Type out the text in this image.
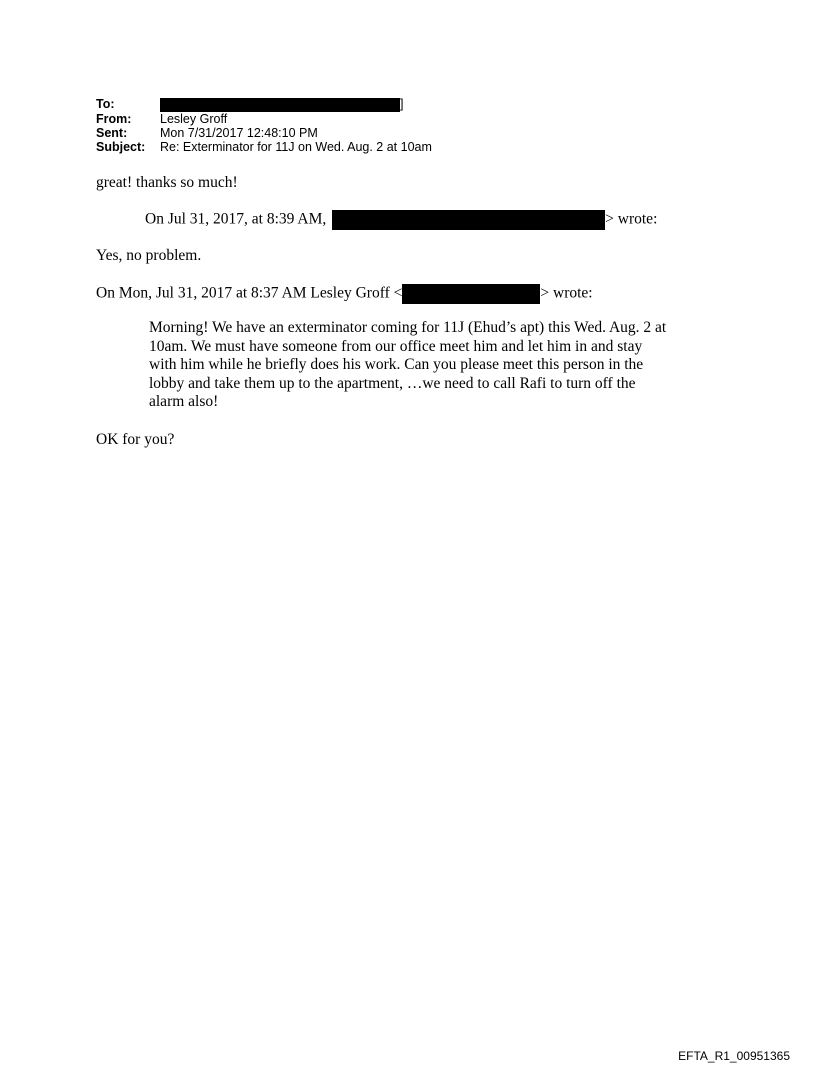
To:	]
From:	Lesley Groff
Sent:	Mon 7/31/2017 12:48:10 PM
Subject:	Re: Exterminator for 11J on Wed. Aug. 2 at 10am
great! thanks so much!
On Jul 31, 2017, at 8:39 AM,	> wrote:
Yes, no problem.
On Mon, Jul 31, 2017 at 8:37 AM Lesley Groff <	> wrote:
Morning! We have an exterminator coming for 11J (Ehud’s apt) this Wed. Aug. 2 at 10am. We must have someone from our office meet him and let him in and stay with him while he briefly does his work. Can you please meet this person in the lobby and take them up to the apartment, …we need to call Rafi to turn off the alarm also!
OK for you?
EFTA_R1_00951365
